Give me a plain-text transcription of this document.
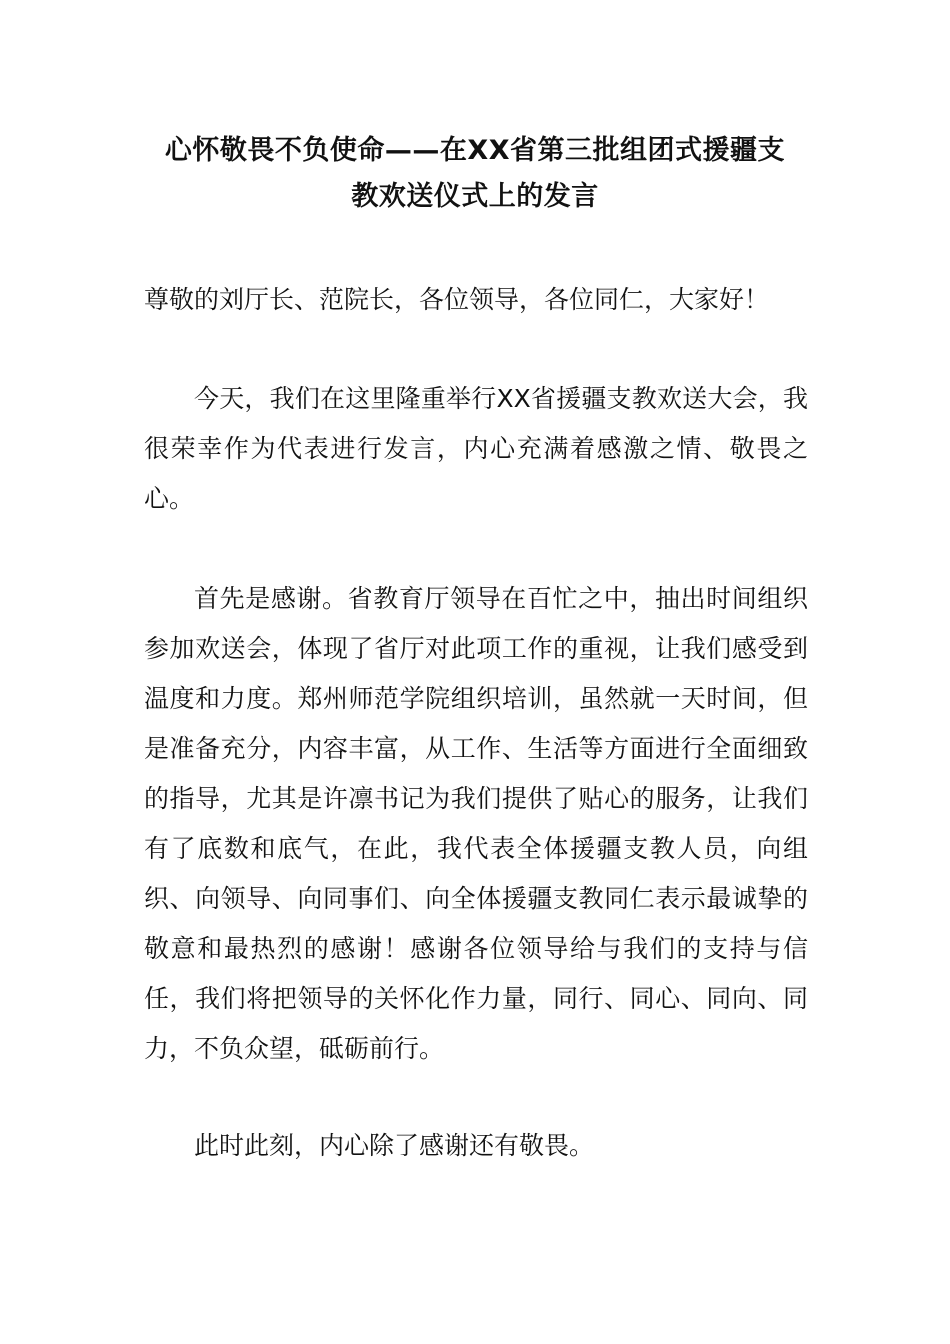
心怀敬畏不负使命——在XX省第三批组团式援疆支
教欢送仪式上的发言

尊敬的刘厅长、范院长，各位领导，各位同仁，大家好！

今天，我们在这里隆重举行XX省援疆支教欢送大会，我很荣幸作为代表进行发言，内心充满着感激之情、敬畏之心。

首先是感谢。省教育厅领导在百忙之中，抽出时间组织参加欢送会，体现了省厅对此项工作的重视，让我们感受到温度和力度。郑州师范学院组织培训，虽然就一天时间，但是准备充分，内容丰富，从工作、生活等方面进行全面细致的指导，尤其是许凛书记为我们提供了贴心的服务，让我们有了底数和底气，在此，我代表全体援疆支教人员，向组织、向领导、向同事们、向全体援疆支教同仁表示最诚挚的敬意和最热烈的感谢！感谢各位领导给与我们的支持与信任，我们将把领导的关怀化作力量，同行、同心、同向、同力，不负众望，砥砺前行。

此时此刻，内心除了感谢还有敬畏。
